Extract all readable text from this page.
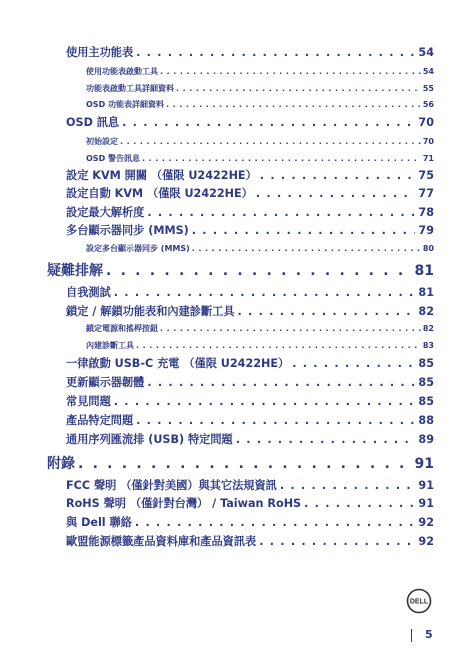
使用主功能表 . . .	54
使用功能表啟動工具 . . .	54
功能表啟動工具詳細資料 . . .	55
OSD 功能表詳細資料 . . .	56
OSD 訊息 . . .	70
初始設定 . . .	70
OSD 警告訊息 . . .	71
設定 KVM 開關 （僅限 U2422HE） . . .	75
設定自動 KVM （僅限 U2422HE） . . .	77
設定最大解析度 . . .	78
多台顯示器同步 (MMS) . . .	79
設定多台顯示器同步 (MMS) . . .	80
疑難排解 . . .	81
自我測試 . . .	81
鎖定 / 解鎖功能表和內建診斷工具 . . .	82
鎖定電源和搖桿按鈕 . . .	82
內建診斷工具 . . .	83
一律啟動 USB-C 充電 （僅限 U2422HE） . . .	85
更新顯示器韌體 . . .	85
常見問題 . . .	85
產品特定問題 . . .	88
通用序列匯流排 (USB) 特定問題 . . .	89
附錄 . . .	91
FCC 聲明 （僅針對美國）與其它法規資訊 . . .	91
RoHS 聲明 （僅針對台灣） / Taiwan RoHS . . .	91
與 Dell 聯絡 . . .	92
歐盟能源標籤產品資料庫和產品資訊表 . . .	92
DELL
5
